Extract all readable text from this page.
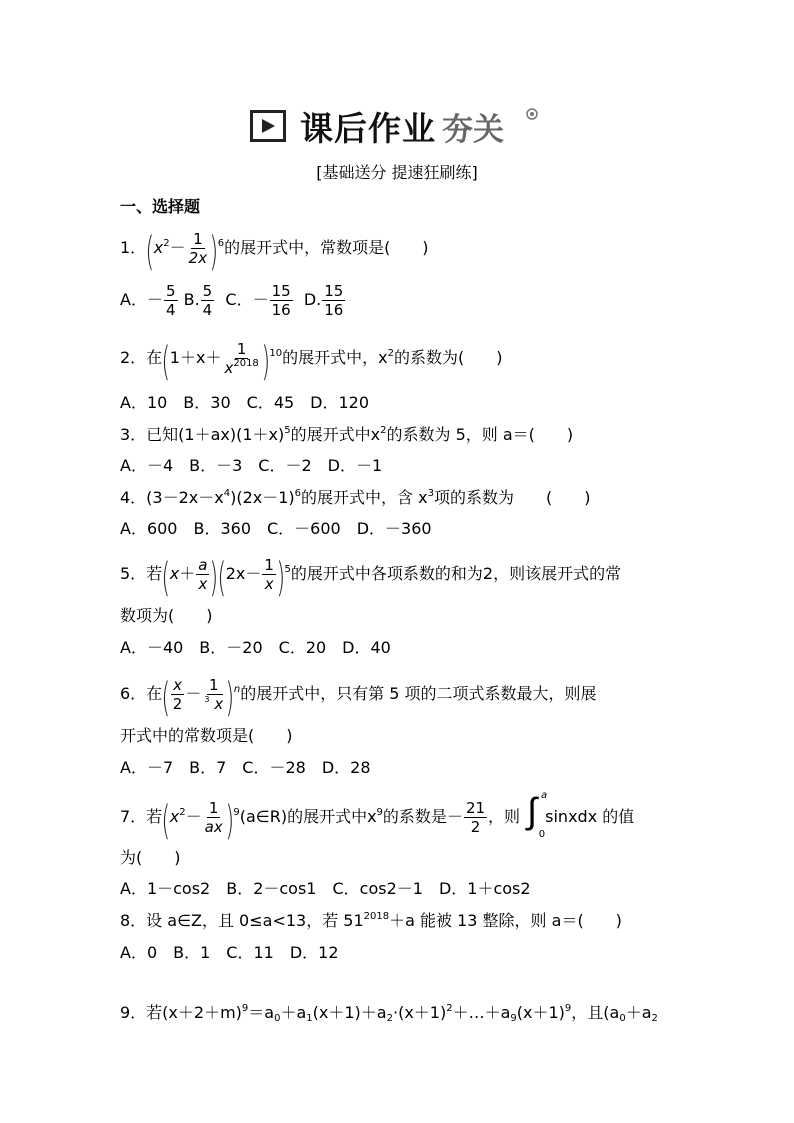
课后作业 夯关
[基础送分 提速狂刷练]
一、选择题
1．$(x^2- \frac{1}{2x} )^6$的展开式中，常数项是(　　)
A．－ $\frac{5}{4} B$. $\frac{5}{4}$ C．－ $\frac{15}{16} D$. $\frac{15}{16}$
2．在$(1+x+ \frac{1}{x^{2018}} )^{10}$的展开式中，$x^2$的系数为(　　)
A．10　B．30　C．45　D．120
3．已知$(1+ax)(1+x)^5$的展开式中$x^2$的系数为 5，则 a＝(　　)
A．－4　B．－3　C．－2　D．－1
4．$(3-2x-x^4)(2x-1)^6$的展开式中，含 $x^3$项的系数为　　(　　)
A．600　B．360　C．－600　D．－360
5．若$(x+ \frac{a}{x} )(2x- \frac{1}{x} )^5$的展开式中各项系数的和为2，则该展开式的常
数项为(　　)
A．－40　B．－20　C．20　D．40
6．在( $\frac{x}{2} - \frac{1}{3 x} )^n$的展开式中，只有第 5 项的二项式系数最大，则展
开式中的常数项是(　　)
A．－7　B．7　C．－28　D．28
7．若($x^2- \frac{1}{ax}$ )$^9(a\in R)$的展开式中$x^9$的系数是－ $\frac{21}{2}$ ，则 ∫ a
0
sinxdx 的值
为(　　)
A．1－cos2　B．2－cos1　C．cos2－1　D．1＋cos2
8．设 a∈Z，且 0≤a<13，若 $51^{2018}+a$ 能被 13 整除，则 a＝(　　)
A．0　B．1　C．11　D．12
9．若$(x+2+m)^9=a_0+a_1(x+1)+a_2\cdot(x+1)^2+\dots+a_9(x+1)^9$，且($a_0+a_2$
